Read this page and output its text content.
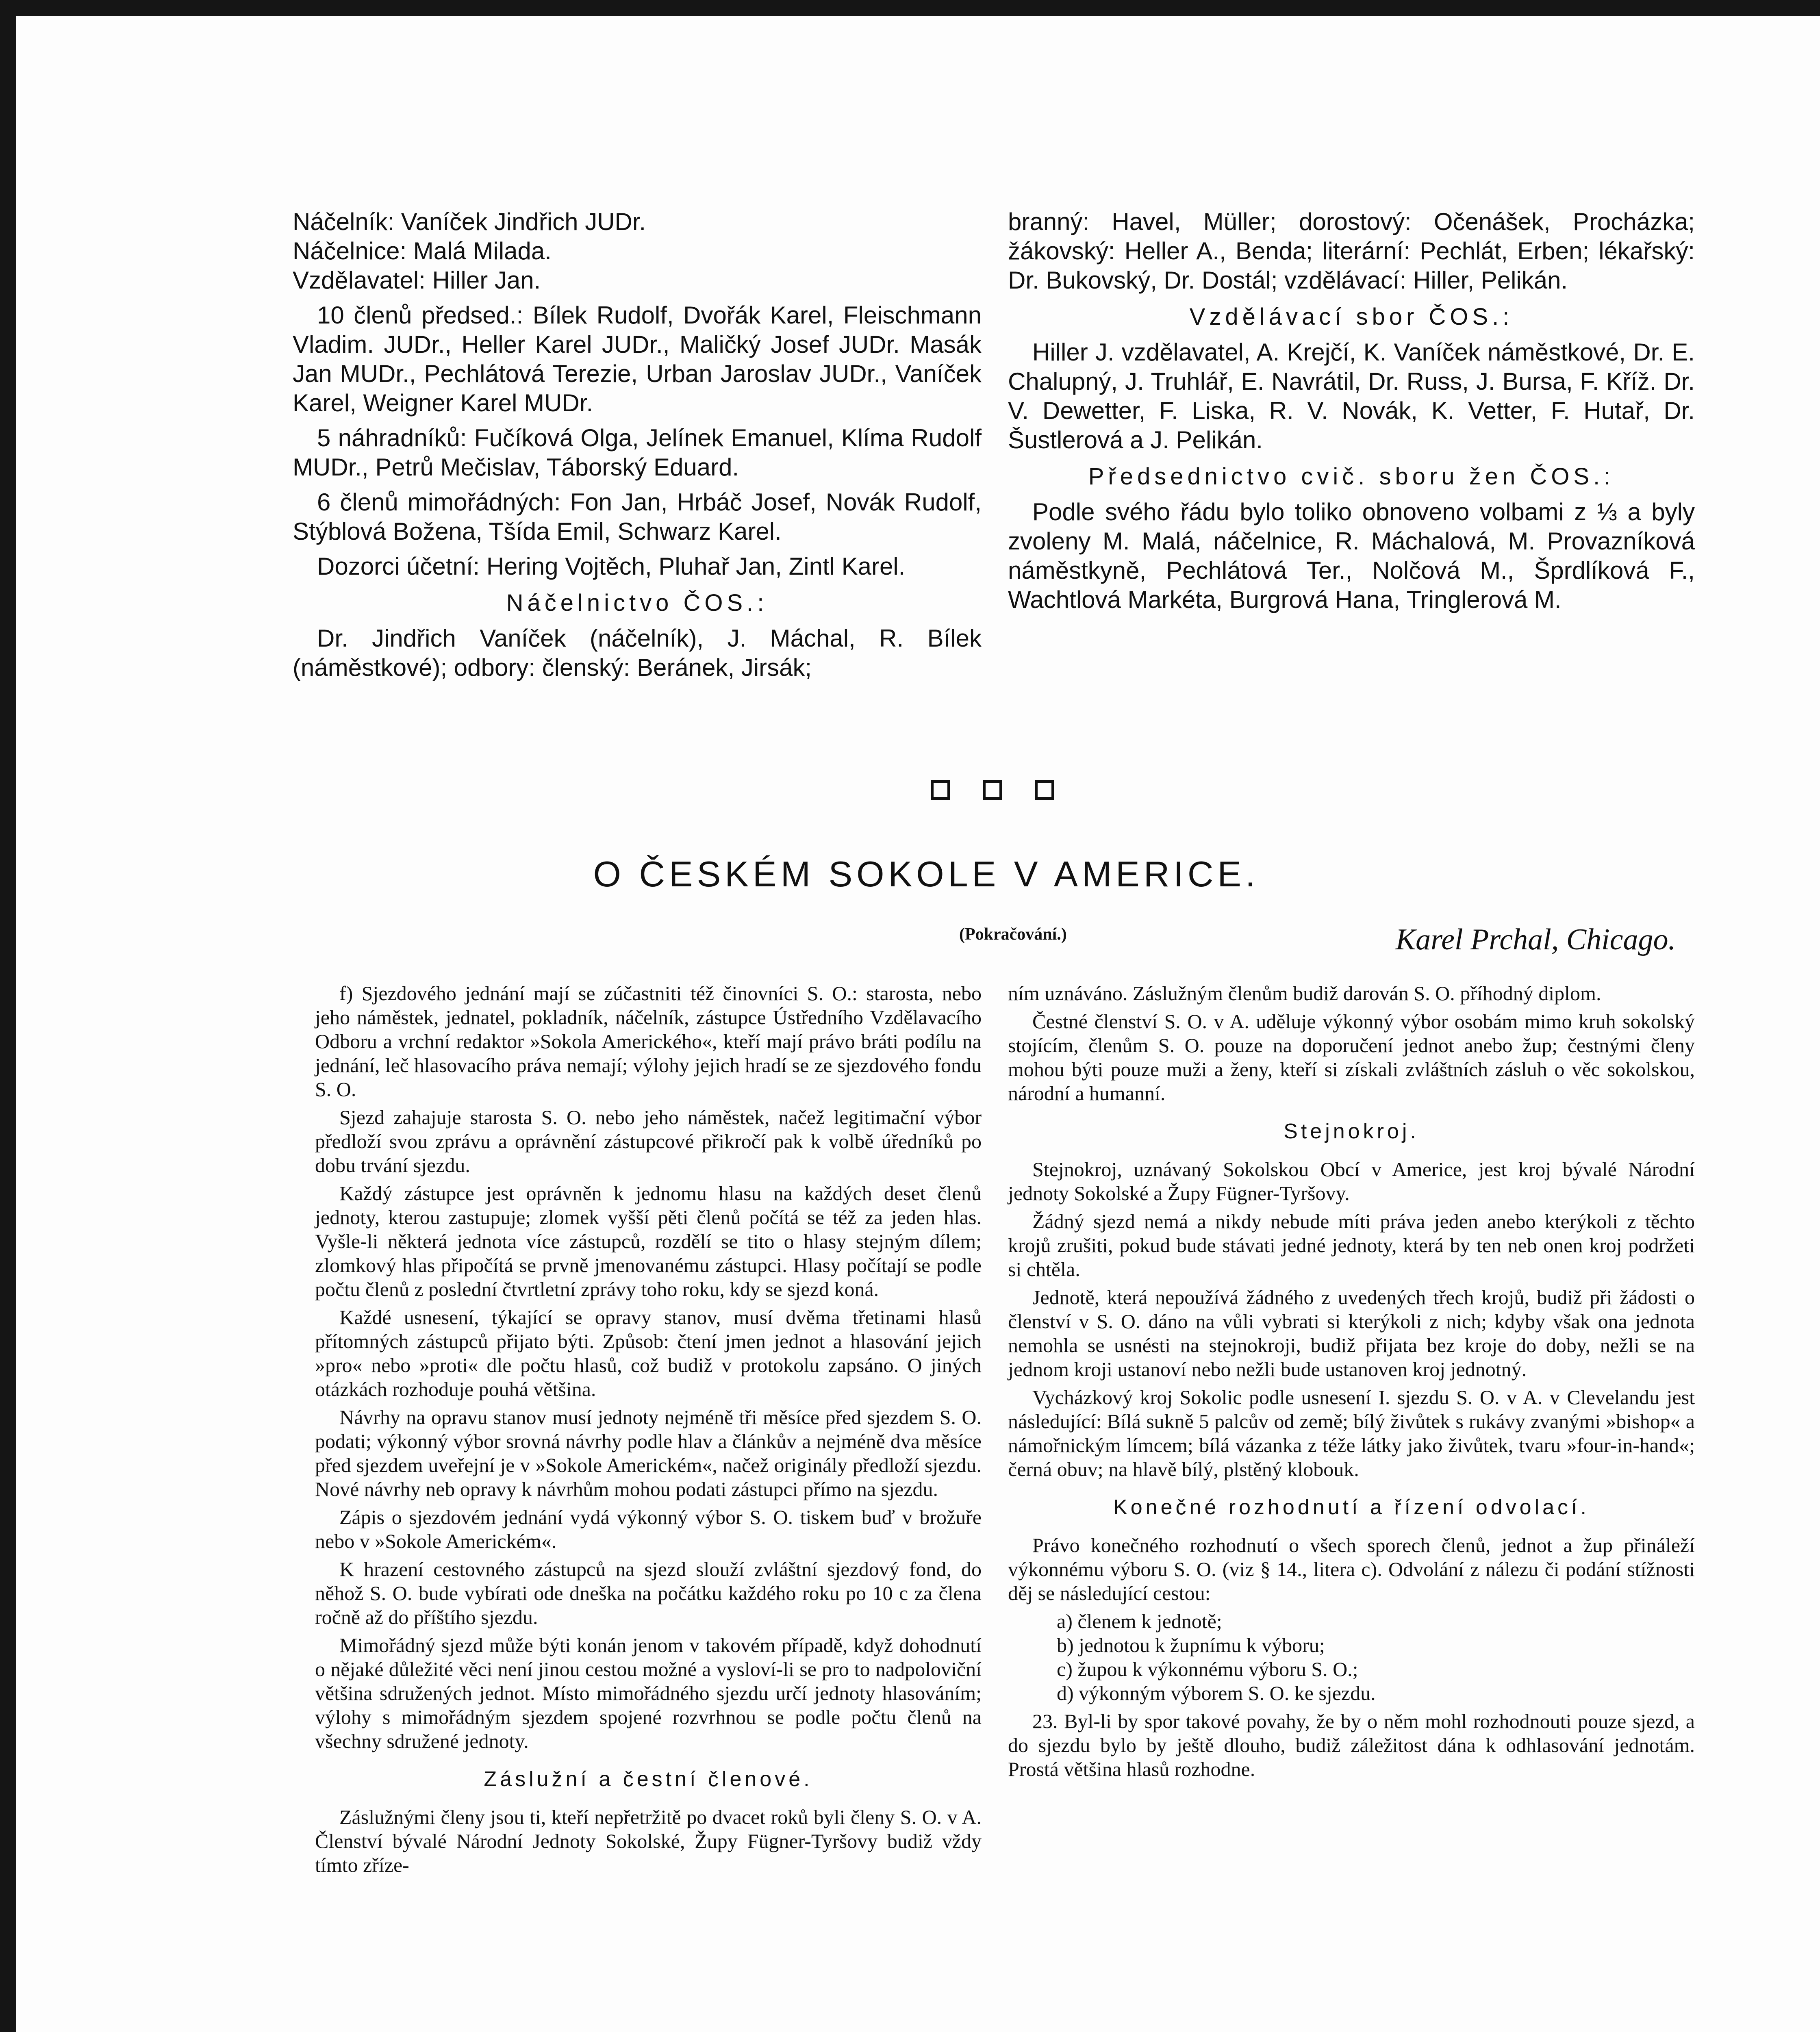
Náčelník: Vaníček Jindřich JUDr.

Náčelnice: Malá Milada.

Vzdělavatel: Hiller Jan.

10 členů předsed.: Bílek Rudolf, Dvořák Karel, Fleischmann Vladim. JUDr., Heller Karel JUDr., Maličký Josef JUDr. Masák Jan MUDr., Pechlátová Terezie, Urban Jaroslav JUDr., Vaníček Karel, Weigner Karel MUDr.

5 náhradníků: Fučíková Olga, Jelínek Emanuel, Klíma Rudolf MUDr., Petrů Mečislav, Táborský Eduard.

6 členů mimořádných: Fon Jan, Hrbáč Josef, Novák Rudolf, Stýblová Božena, Tšída Emil, Schwarz Karel.

Dozorci účetní: Hering Vojtěch, Pluhař Jan, Zintl Karel.

Náčelnictvo ČOS.:

Dr. Jindřich Vaníček (náčelník), J. Máchal, R. Bílek (náměstkové); odbory: členský: Beránek, Jirsák;

branný: Havel, Müller; dorostový: Očenášek, Procházka; žákovský: Heller A., Benda; literární: Pechlát, Erben; lékařský: Dr. Bukovský, Dr. Dostál; vzdělávací: Hiller, Pelikán.

Vzdělávací sbor ČOS.:

Hiller J. vzdělavatel, A. Krejčí, K. Vaníček náměstkové, Dr. E. Chalupný, J. Truhlář, E. Navrátil, Dr. Russ, J. Bursa, F. Kříž. Dr. V. Dewetter, F. Liska, R. V. Novák, K. Vetter, F. Hutař, Dr. Šustlerová a J. Pelikán.

Předsednictvo cvič. sboru žen ČOS.:

Podle svého řádu bylo toliko obnoveno volbami z ⅓ a byly zvoleny M. Malá, náčelnice, R. Máchalová, M. Provazníková náměstkyně, Pechlátová Ter., Nolčová M., Šprdlíková F., Wachtlová Markéta, Burgrová Hana, Tringlerová M.

O ČESKÉM SOKOLE V AMERICE.
(Pokračování.)	Karel Prchal, Chicago.

f) Sjezdového jednání mají se zúčastniti též činovníci S. O.: starosta, nebo jeho náměstek, jednatel, pokladník, náčelník, zástupce Ústředního Vzdělavacího Odboru a vrchní redaktor »Sokola Amerického«, kteří mají právo bráti podílu na jednání, leč hlasovacího práva nemají; výlohy jejich hradí se ze sjezdového fondu S. O.

Sjezd zahajuje starosta S. O. nebo jeho náměstek, načež legitimační výbor předloží svou zprávu a oprávnění zástupcové přikročí pak k volbě úředníků po dobu trvání sjezdu.

Každý zástupce jest oprávněn k jednomu hlasu na každých deset členů jednoty, kterou zastupuje; zlomek vyšší pěti členů počítá se též za jeden hlas. Vyšle-li některá jednota více zástupců, rozdělí se tito o hlasy stejným dílem; zlomkový hlas připočítá se prvně jmenovanému zástupci. Hlasy počítají se podle počtu členů z poslední čtvrtletní zprávy toho roku, kdy se sjezd koná.

Každé usnesení, týkající se opravy stanov, musí dvěma třetinami hlasů přítomných zástupců přijato býti. Způsob: čtení jmen jednot a hlasování jejich »pro« nebo »proti« dle počtu hlasů, což budiž v protokolu zapsáno. O jiných otázkách rozhoduje pouhá většina.

Návrhy na opravu stanov musí jednoty nejméně tři měsíce před sjezdem S. O. podati; výkonný výbor srovná návrhy podle hlav a článkův a nejméně dva měsíce před sjezdem uveřejní je v »Sokole Americkém«, načež originály předloží sjezdu. Nové návrhy neb opravy k návrhům mohou podati zástupci přímo na sjezdu.

Zápis o sjezdovém jednání vydá výkonný výbor S. O. tiskem buď v brožuře nebo v »Sokole Americkém«.

K hrazení cestovného zástupců na sjezd slouží zvláštní sjezdový fond, do něhož S. O. bude vybírati ode dneška na počátku každého roku po 10 c za člena ročně až do příštího sjezdu.

Mimořádný sjezd může býti konán jenom v takovém případě, když dohodnutí o nějaké důležité věci není jinou cestou možné a vysloví-li se pro to nadpoloviční většina sdružených jednot. Místo mimořádného sjezdu určí jednoty hlasováním; výlohy s mimořádným sjezdem spojené rozvrhnou se podle počtu členů na všechny sdružené jednoty.

Záslužní a čestní členové.

Záslužnými členy jsou ti, kteří nepřetržitě po dvacet roků byli členy S. O. v A. Členství bývalé Národní Jednoty Sokolské, Župy Fügner-Tyršovy budiž vždy tímto zříze-

ním uznáváno. Záslužným členům budiž darován S. O. příhodný diplom.

Čestné členství S. O. v A. uděluje výkonný výbor osobám mimo kruh sokolský stojícím, členům S. O. pouze na doporučení jednot anebo žup; čestnými členy mohou býti pouze muži a ženy, kteří si získali zvláštních zásluh o věc sokolskou, národní a humanní.

Stejnokroj.

Stejnokroj, uznávaný Sokolskou Obcí v Americe, jest kroj bývalé Národní jednoty Sokolské a Župy Fügner-Tyršovy.

Žádný sjezd nemá a nikdy nebude míti práva jeden anebo kterýkoli z těchto krojů zrušiti, pokud bude stávati jedné jednoty, která by ten neb onen kroj podržeti si chtěla.

Jednotě, která nepoužívá žádného z uvedených třech krojů, budiž při žádosti o členství v S. O. dáno na vůli vybrati si kterýkoli z nich; kdyby však ona jednota nemohla se usnésti na stejnokroji, budiž přijata bez kroje do doby, nežli se na jednom kroji ustanoví nebo nežli bude ustanoven kroj jednotný.

Vycházkový kroj Sokolic podle usnesení I. sjezdu S. O. v A. v Clevelandu jest následující: Bílá sukně 5 palcův od země; bílý živůtek s rukávy zvanými »bishop« a námořnickým límcem; bílá vázanka z téže látky jako živůtek, tvaru »four-in-hand«; černá obuv; na hlavě bílý, plstěný klobouk.

Konečné rozhodnutí a řízení odvolací.

Právo konečného rozhodnutí o všech sporech členů, jednot a žup přináleží výkonnému výboru S. O. (viz § 14., litera c). Odvolání z nálezu či podání stížnosti děj se následující cestou:

a) členem k jednotě;
b) jednotou k župnímu k výboru;
c) župou k výkonnému výboru S. O.;
d) výkonným výborem S. O. ke sjezdu.

23. Byl-li by spor takové povahy, že by o něm mohl rozhodnouti pouze sjezd, a do sjezdu bylo by ještě dlouho, budiž záležitost dána k odhlasování jednotám. Prostá většina hlasů rozhodne.
